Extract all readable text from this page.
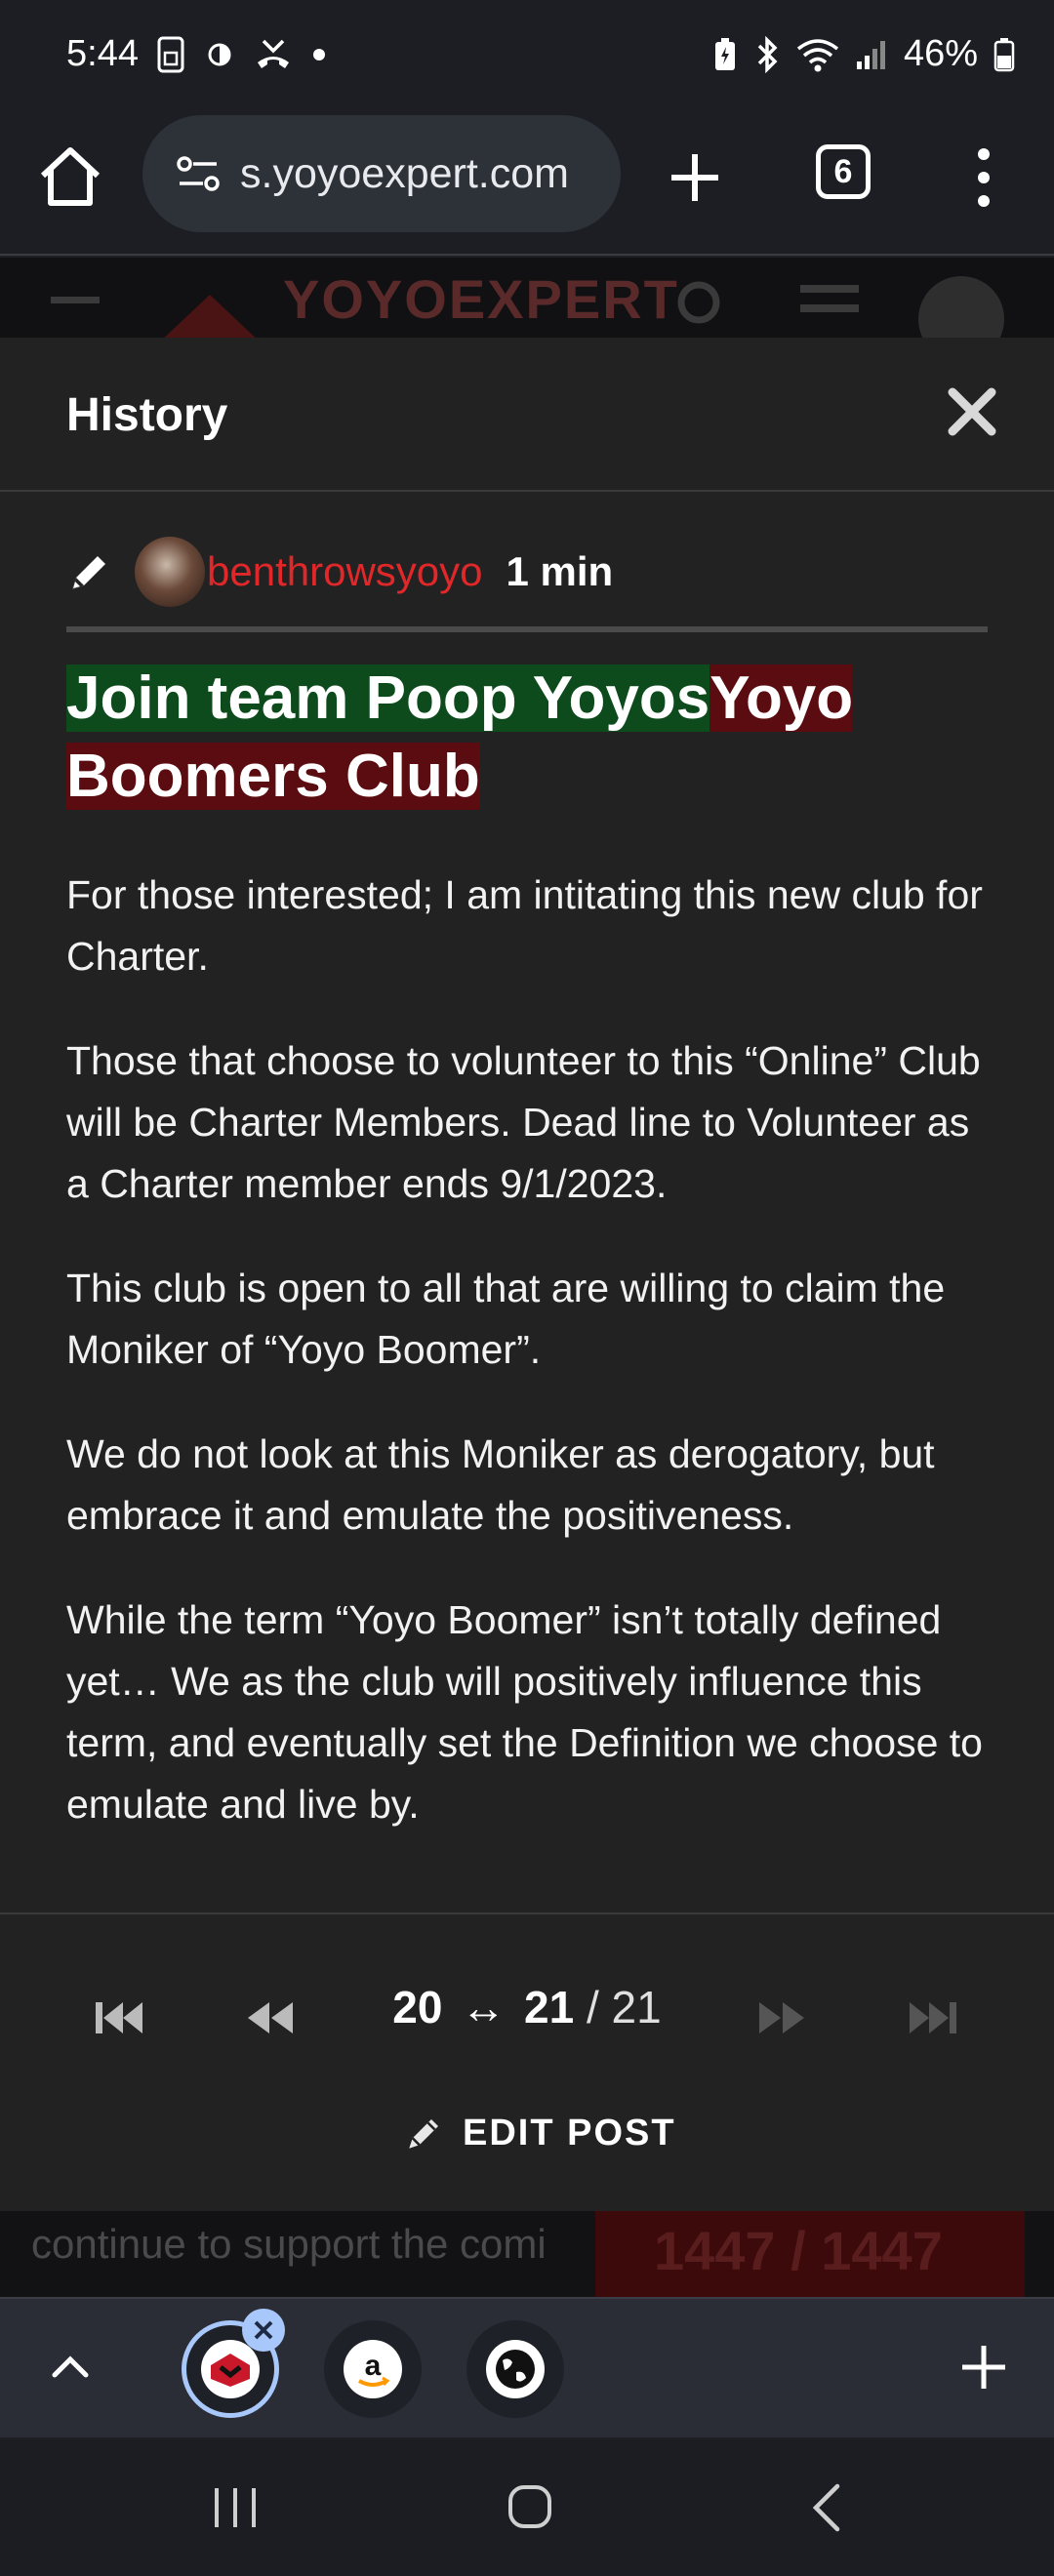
5:44	46%
s.yoyoexpert.com	6
YOYOEXPERT
continue to support the comi 1447 / 1447
History
benthrowsyoyo 1 min
Join team Poop YoyosYoyo
Boomers Club

For those interested; I am intitating this new club for Charter.

Those that choose to volunteer to this “Online” Club will be Charter Members. Dead line to Volunteer as a Charter member ends 9/1/2023.

This club is open to all that are willing to claim the Moniker of “Yoyo Boomer”.

We do not look at this Moniker as derogatory, but embrace it and emulate the positiveness.

While the term “Yoyo Boomer” isn’t totally defined yet… We as the club will positively influence this term, and eventually set the Definition we choose to emulate and live by.

20 ↔ 21 / 21
EDIT POST
a
